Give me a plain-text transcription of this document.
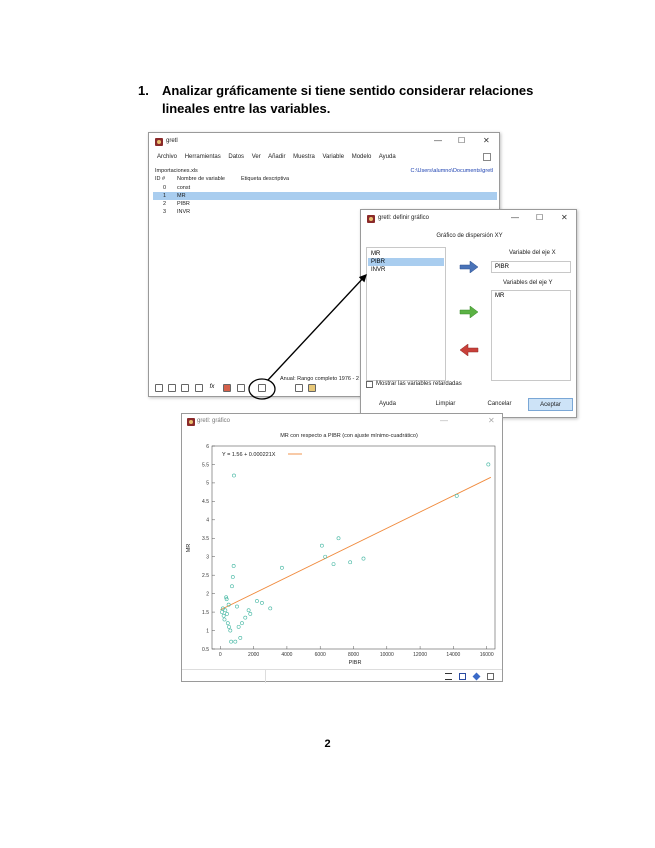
1.	Analizar gráficamente si tiene sentido considerar relaciones lineales entre las variables.
gretl	— ☐ ✕
Archivo Herramientas Datos Ver Añadir Muestra Variable Modelo Ayuda
Importaciones.xls	C:\Users\alumno\Documents\gretl
ID # Nombre de variable	Etiqueta descriptiva
0 const
1 MR
2 PIBR
3 INVR
Anual: Rango completo 1976 - 2
fx
gretl: definir gráfico	— ☐ ✕
Gráfico de dispersión XY
MR
PIBR
INVR
Variable del eje X
PIBR
Variables del eje Y
MR
Mostrar las variables retardadas
Ayuda	Limpiar	Cancelar	Aceptar
gretl: gráfico	—	✕
MR con respecto a PIBR (con ajuste mínimo-cuadrático)
PIBR
MR
0	2000	4000	6000	8000	10000	12000	14000	16000
0.5
1
1.5
2
2.5
3
3.5
4
4.5
5
5.5
6
Y = 1.56 + 0.000221X
2
